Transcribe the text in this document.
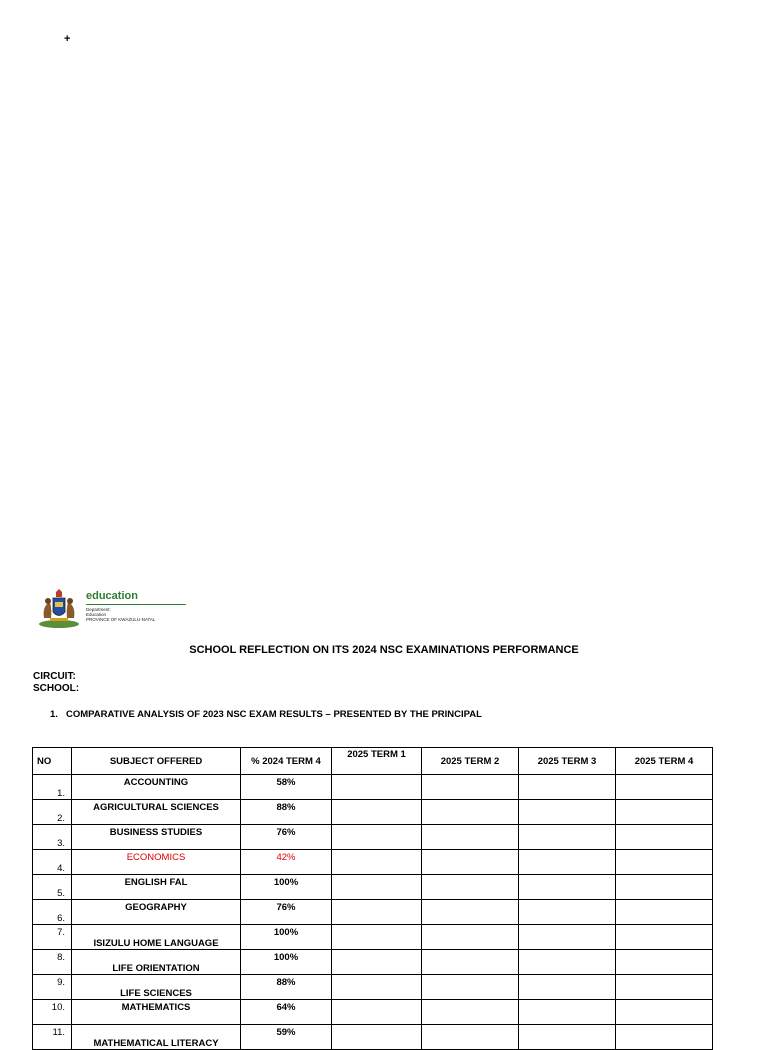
+
education
Department:
Education
PROVINCE OF KWAZULU-NATAL
SCHOOL REFLECTION ON ITS 2024 NSC EXAMINATIONS PERFORMANCE
CIRCUIT:
SCHOOL:
1. COMPARATIVE ANALYSIS OF 2023 NSC EXAM RESULTS – PRESENTED BY THE PRINCIPAL
NO	SUBJECT OFFERED	% 2024 TERM 4	2025 TERM 1	2025 TERM 2	2025 TERM 3	2025 TERM 4
1.	ACCOUNTING	58%				
2.	AGRICULTURAL SCIENCES	88%				
3.	BUSINESS STUDIES	76%				
4.	ECONOMICS	42%				
5.	ENGLISH FAL	100%				
6.	GEOGRAPHY	76%				
7.	ISIZULU HOME LANGUAGE	100%				
8.	LIFE ORIENTATION	100%				
9.	LIFE SCIENCES	88%				
10.	MATHEMATICS	64%				
11.	MATHEMATICAL LITERACY	59%				
